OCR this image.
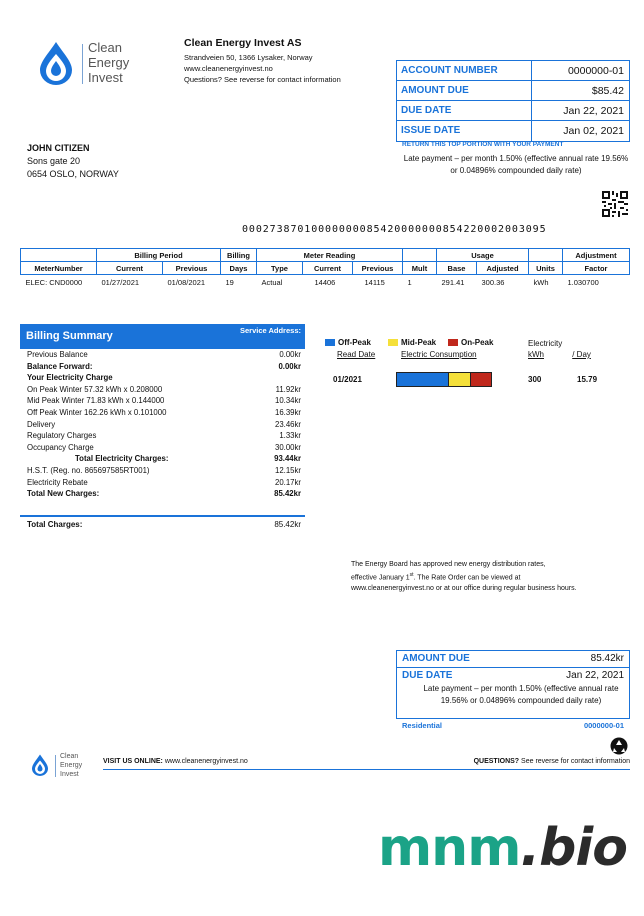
Clean
Energy
Invest
Clean Energy Invest AS
Strandveien 50, 1366 Lysaker, Norway
www.cleanenergyinvest.no
Questions? See reverse for contact information
ACCOUNT NUMBER	0000000-01
AMOUNT DUE	$85.42
DUE DATE	Jan 22, 2021
ISSUE DATE	Jan 02, 2021
RETURN THIS TOP PORTION WITH YOUR PAYMENT
Late payment – per month 1.50% (effective annual rate 19.56% or 0.04896% compounded daily rate)
JOHN CITIZEN
Sons gate 20
0654 OSLO, NORWAY
00027387010000000085420000000854220002003095
	Billing Period		Billing	Meter Reading				Usage			Adjustment
MeterNumber	Current	Previous	Days	Type	Current	Previous	Mult	Base	Adjusted	Units	Factor
ELEC: CND0000	01/27/2021	01/08/2021	19	Actual	14406	14115	1	291.41	300.36	kWh	1.030700
Billing Summary	Service Address:
Previous Balance	0.00kr
Balance Forward:	0.00kr
Your Electricity Charge
On Peak Winter 57.32 kWh x 0.208000	11.92kr
Mid Peak Winter 71.83 kWh x 0.144000	10.34kr
Off Peak Winter 162.26 kWh x 0.101000	16.39kr
Delivery	23.46kr
Regulatory Charges	1.33kr
Occupancy Charge	30.00kr
Total Electricity Charges:	93.44kr
H.S.T. (Reg. no. 865697585RT001)	12.15kr
Electricity Rebate	20.17kr
Total New Charges:	85.42kr
Total Charges:	85.42kr
Off-Peak	Mid-Peak	On-Peak
Read Date	Electric Consumption
Electricity
kWh	/ Day
01/2021	300	15.79
The Energy Board has approved new energy distribution rates,
effective January 1st. The Rate Order can be viewed at
www.cleanenergyinvest.no or at our office during regular business hours.
AMOUNT DUE	85.42kr
DUE DATE	Jan 22, 2021
Late payment – per month 1.50% (effective annual rate 19.56% or 0.04896% compounded daily rate)
Residential	0000000-01
Clean
Energy
Invest
VISIT US ONLINE: www.cleanenergyinvest.no	QUESTIONS? See reverse for contact information
mnm.bio
